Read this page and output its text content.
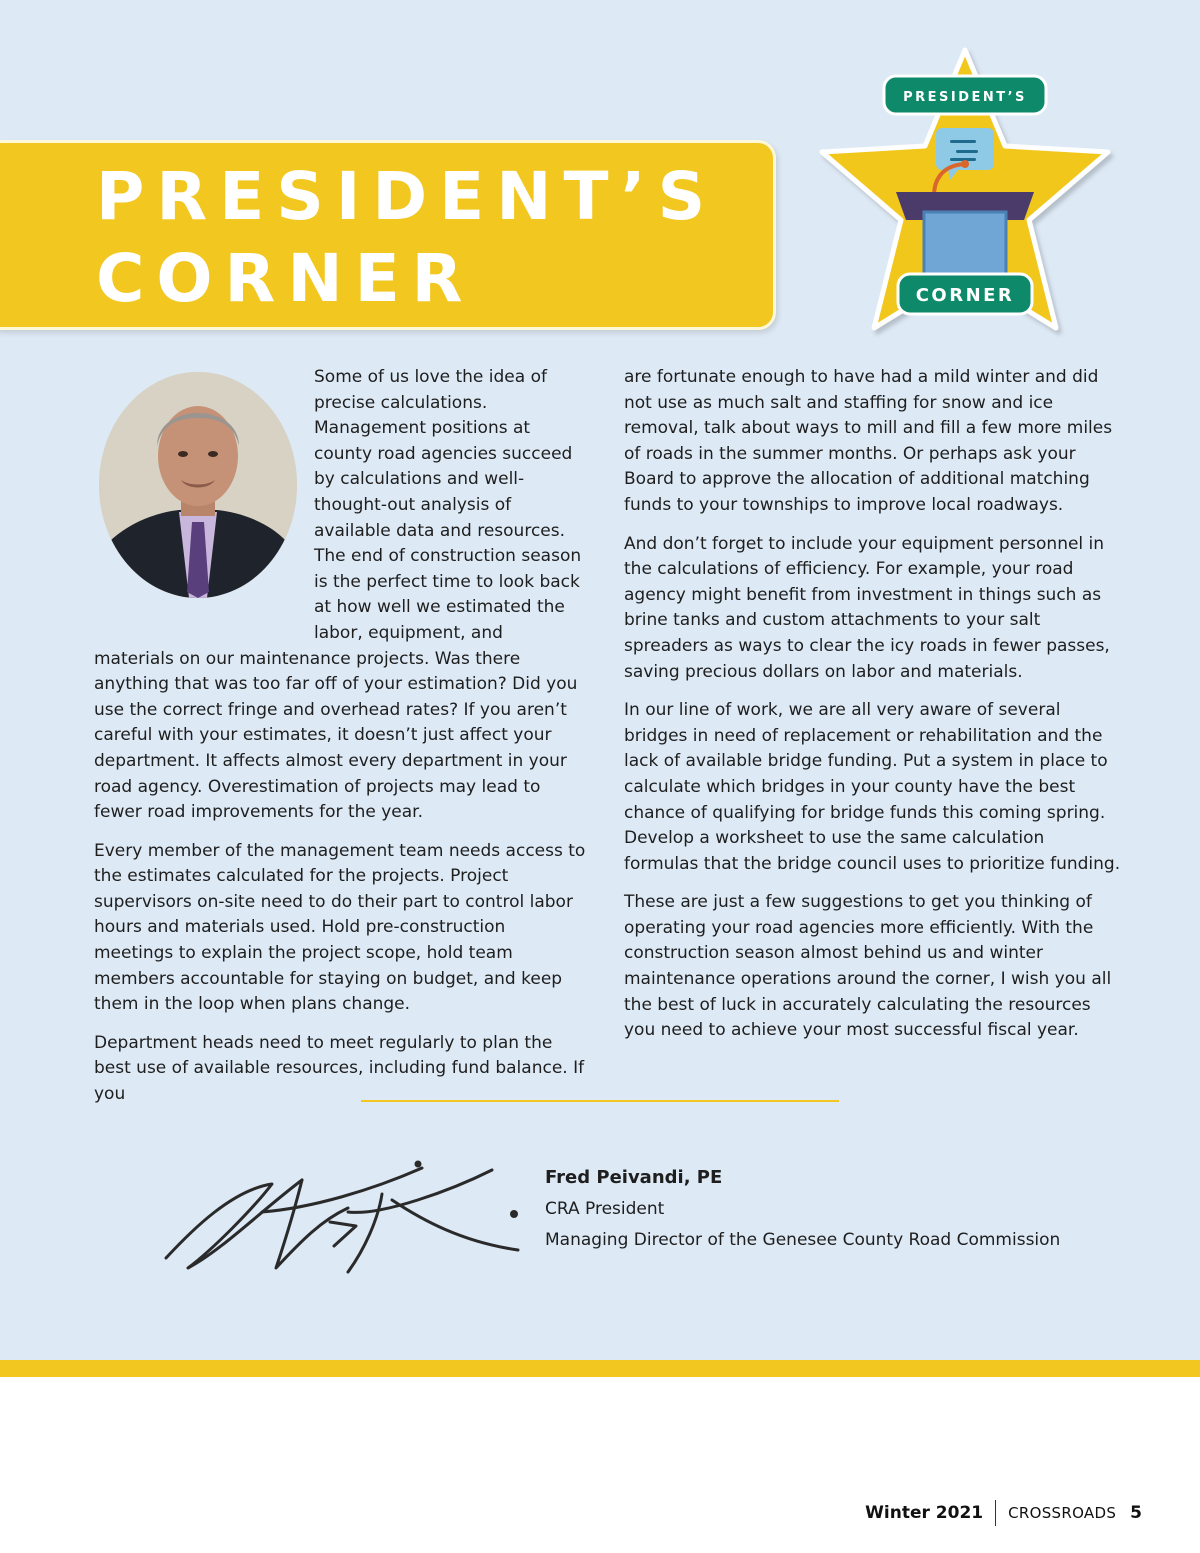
PRESIDENT’S
CORNER
PRESIDENT’S
CORNER

Some of us love the idea of precise calculations. Management positions at county road agencies succeed by calculations and well-thought-out analysis of available data and resources. The end of construction season is the perfect time to look back at how well we estimated the labor, equipment, and materials on our maintenance projects. Was there anything that was too far off of your estimation? Did you use the correct fringe and overhead rates? If you aren’t careful with your estimates, it doesn’t just affect your department. It affects almost every department in your road agency. Overestimation of projects may lead to fewer road improvements for the year.

Every member of the management team needs access to the estimates calculated for the projects. Project supervisors on-site need to do their part to control labor hours and materials used. Hold pre-construction meetings to explain the project scope, hold team members accountable for staying on budget, and keep them in the loop when plans change.

Department heads need to meet regularly to plan the best use of available resources, including fund balance. If you

are fortunate enough to have had a mild winter and did not use as much salt and staffing for snow and ice removal, talk about ways to mill and fill a few more miles of roads in the summer months. Or perhaps ask your Board to approve the allocation of additional matching funds to your townships to improve local roadways.

And don’t forget to include your equipment personnel in the calculations of efficiency. For example, your road agency might benefit from investment in things such as brine tanks and custom attachments to your salt spreaders as ways to clear the icy roads in fewer passes, saving precious dollars on labor and materials.

In our line of work, we are all very aware of several bridges in need of replacement or rehabilitation and the lack of available bridge funding. Put a system in place to calculate which bridges in your county have the best chance of qualifying for bridge funds this coming spring. Develop a worksheet to use the same calculation formulas that the bridge council uses to prioritize funding.

These are just a few suggestions to get you thinking of operating your road agencies more efficiently. With the construction season almost behind us and winter maintenance operations around the corner, I wish you all the best of luck in accurately calculating the resources you need to achieve your most successful fiscal year.

Fred Peivandi, PE
CRA President
Managing Director of the Genesee County Road Commission
Winter 2021 CROSSROADS 5
